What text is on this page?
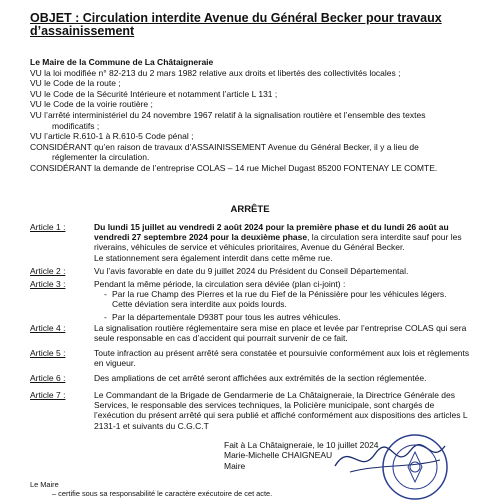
OBJET : Circulation interdite Avenue du Général Becker pour travaux
d’assainissement
Le Maire de la Commune de La Châtaigneraie
VU la loi modifiée n° 82-213 du 2 mars 1982 relative aux droits et libertés des collectivités locales ;
VU le Code de la route ;
VU le Code de la Sécurité Intérieure et notamment l’article L 131 ;
VU le Code de la voirie routière ;
VU l’arrêté interministériel du 24 novembre 1967 relatif à la signalisation routière et l’ensemble des textes
modificatifs ;
VU l’article R.610-1 à R.610-5 Code pénal ;
CONSIDÉRANT qu’en raison de travaux d’ASSAINISSEMENT Avenue du Général Becker, il y a lieu de
réglementer la circulation.
CONSIDÉRANT la demande de l’entreprise COLAS – 14 rue Michel Dugast 85200 FONTENAY LE COMTE.
ARRÊTE
Article 1 :	Du lundi 15 juillet au vendredi 2 août 2024 pour la première phase et du lundi 26 août au vendredi 27 septembre 2024 pour la deuxième phase, la circulation sera interdite sauf pour les riverains, véhicules de service et véhicules prioritaires, Avenue du Général Becker.

Le stationnement sera également interdit dans cette même rue.

Article 2 :	Vu l’avis favorable en date du 9 juillet 2024 du Président du Conseil Départemental.

Article 3 :	Pendant la même période, la circulation sera déviée (plan ci-joint) :

- Par la rue Champ des Pierres et la rue du Fief de la Pénissière pour les véhicules légers.
Cette déviation sera interdite aux poids lourds.
- Par la départementale D938T pour tous les autres véhicules.
Article 4 :	La signalisation routière réglementaire sera mise en place et levée par l’entreprise COLAS qui sera seule responsable en cas d’accident qui pourrait survenir de ce fait.

Article 5 :	Toute infraction au présent arrêté sera constatée et poursuivie conformément aux lois et règlements en vigueur.

Article 6 :	Des ampliations de cet arrêté seront affichées aux extrémités de la section réglementée.

Article 7 :	Le Commandant de la Brigade de Gendarmerie de La Châtaigneraie, la Directrice Générale des Services, le responsable des services techniques, la Policière municipale, sont chargés de l’exécution du présent arrêté qui sera publié et affiché conformément aux dispositions des articles L 2131-1 et suivants du C.G.C.T

Fait à La Châtaigneraie, le 10 juillet 2024
Marie-Michelle CHAIGNEAU
Maire
Le Maire
– certifie sous sa responsabilité le caractère exécutoire de cet acte.
